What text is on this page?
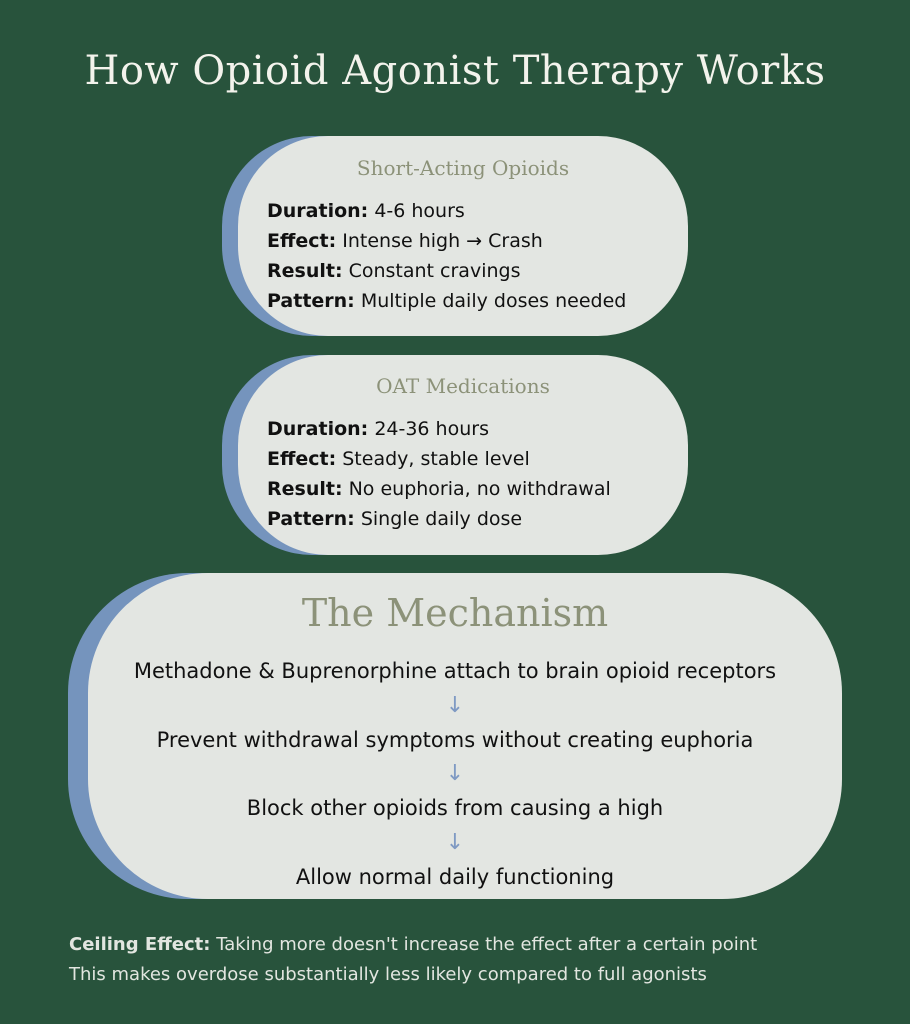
How Opioid Agonist Therapy Works
Short-Acting Opioids
Duration: 4-6 hours
Effect: Intense high → Crash
Result: Constant cravings
Pattern: Multiple daily doses needed
OAT Medications
Duration: 24-36 hours
Effect: Steady, stable level
Result: No euphoria, no withdrawal
Pattern: Single daily dose
The Mechanism
Methadone & Buprenorphine attach to brain opioid receptors
↓
Prevent withdrawal symptoms without creating euphoria
↓
Block other opioids from causing a high
↓
Allow normal daily functioning
Ceiling Effect: Taking more doesn't increase the effect after a certain point
This makes overdose substantially less likely compared to full agonists
